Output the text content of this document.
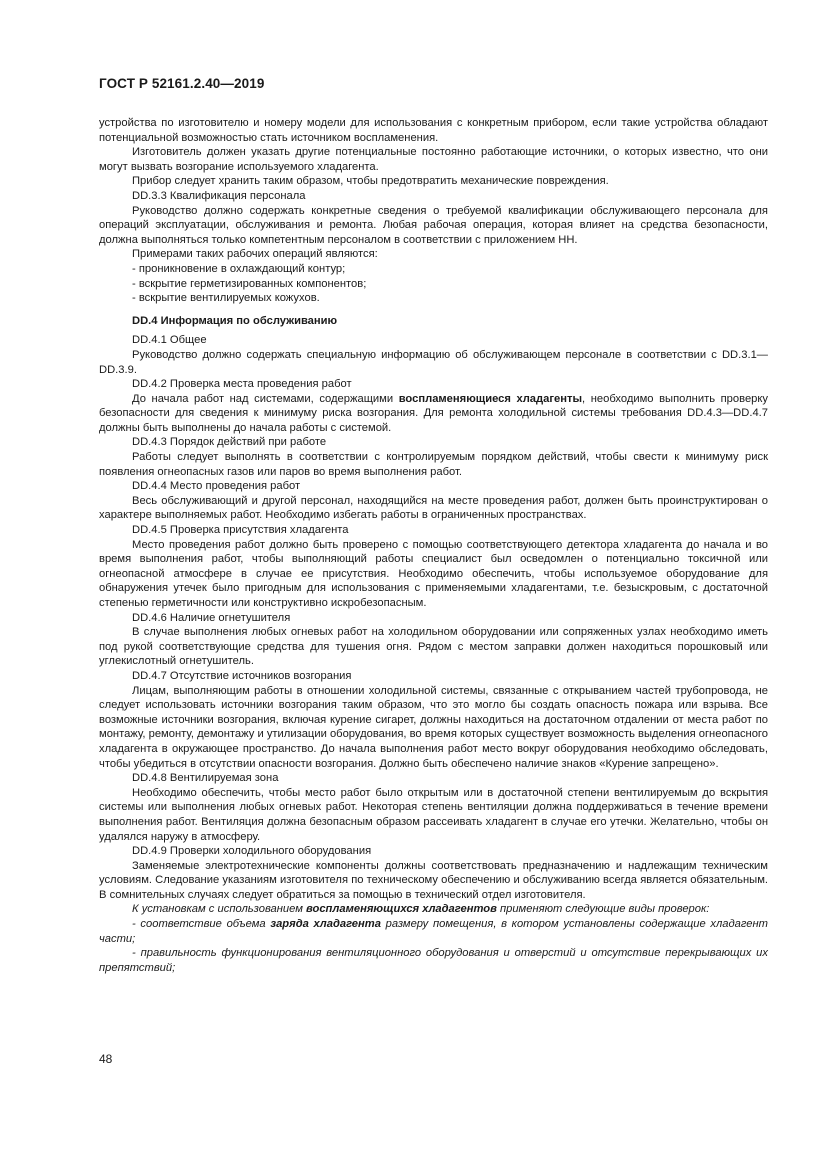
ГОСТ Р 52161.2.40—2019

устройства по изготовителю и номеру модели для использования с конкретным прибором, если такие устройства обладают потенциальной возможностью стать источником воспламенения.

Изготовитель должен указать другие потенциальные постоянно работающие источники, о которых известно, что они могут вызвать возгорание используемого хладагента.

Прибор следует хранить таким образом, чтобы предотвратить механические повреждения.

DD.3.3 Квалификация персонала

Руководство должно содержать конкретные сведения о требуемой квалификации обслуживающего персонала для операций эксплуатации, обслуживания и ремонта. Любая рабочая операция, которая влияет на средства безопасности, должна выполняться только компетентным персоналом в соответствии с приложением НН.

Примерами таких рабочих операций являются:

- проникновение в охлаждающий контур;

- вскрытие герметизированных компонентов;

- вскрытие вентилируемых кожухов.

DD.4 Информация по обслуживанию

DD.4.1 Общее

Руководство должно содержать специальную информацию об обслуживающем персонале в соответствии с DD.3.1—DD.3.9.

DD.4.2 Проверка места проведения работ

До начала работ над системами, содержащими воспламеняющиеся хладагенты, необходимо выполнить проверку безопасности для сведения к минимуму риска возгорания. Для ремонта холодильной системы требования DD.4.3—DD.4.7 должны быть выполнены до начала работы с системой.

DD.4.3 Порядок действий при работе

Работы следует выполнять в соответствии с контролируемым порядком действий, чтобы свести к минимуму риск появления огнеопасных газов или паров во время выполнения работ.

DD.4.4 Место проведения работ

Весь обслуживающий и другой персонал, находящийся на месте проведения работ, должен быть проинструктирован о характере выполняемых работ. Необходимо избегать работы в ограниченных пространствах.

DD.4.5 Проверка присутствия хладагента

Место проведения работ должно быть проверено с помощью соответствующего детектора хладагента до начала и во время выполнения работ, чтобы выполняющий работы специалист был осведомлен о потенциально токсичной или огнеопасной атмосфере в случае ее присутствия. Необходимо обеспечить, чтобы используемое оборудование для обнаружения утечек было пригодным для использования с применяемыми хладагентами, т.е. безыскровым, с достаточной степенью герметичности или конструктивно искробезопасным.

DD.4.6 Наличие огнетушителя

В случае выполнения любых огневых работ на холодильном оборудовании или сопряженных узлах необходимо иметь под рукой соответствующие средства для тушения огня. Рядом с местом заправки должен находиться порошковый или углекислотный огнетушитель.

DD.4.7 Отсутствие источников возгорания

Лицам, выполняющим работы в отношении холодильной системы, связанные с открыванием частей трубопровода, не следует использовать источники возгорания таким образом, что это могло бы создать опасность пожара или взрыва. Все возможные источники возгорания, включая курение сигарет, должны находиться на достаточном отдалении от места работ по монтажу, ремонту, демонтажу и утилизации оборудования, во время которых существует возможность выделения огнеопасного хладагента в окружающее пространство. До начала выполнения работ место вокруг оборудования необходимо обследовать, чтобы убедиться в отсутствии опасности возгорания. Должно быть обеспечено наличие знаков «Курение запрещено».

DD.4.8 Вентилируемая зона

Необходимо обеспечить, чтобы место работ было открытым или в достаточной степени вентилируемым до вскрытия системы или выполнения любых огневых работ. Некоторая степень вентиляции должна поддерживаться в течение времени выполнения работ. Вентиляция должна безопасным образом рассеивать хладагент в случае его утечки. Желательно, чтобы он удалялся наружу в атмосферу.

DD.4.9 Проверки холодильного оборудования

Заменяемые электротехнические компоненты должны соответствовать предназначению и надлежащим техническим условиям. Следование указаниям изготовителя по техническому обеспечению и обслуживанию всегда является обязательным. В сомнительных случаях следует обратиться за помощью в технический отдел изготовителя.

К установкам с использованием воспламеняющихся хладагентов применяют следующие виды проверок:

- соответствие объема заряда хладагента размеру помещения, в котором установлены содержащие хладагент части;

- правильность функционирования вентиляционного оборудования и отверстий и отсутствие перекрывающих их препятствий;

48
